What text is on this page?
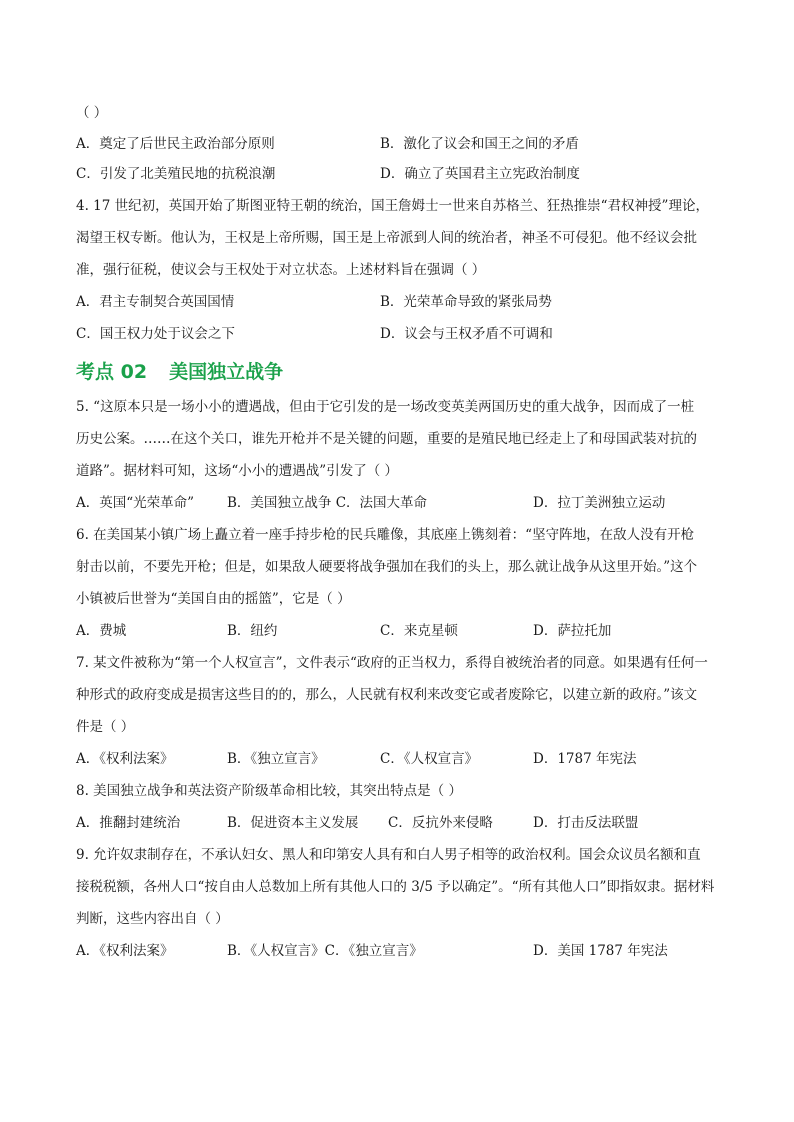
（ ）
A．奠定了后世民主政治部分原则	B．激化了议会和国王之间的矛盾
C．引发了北美殖民地的抗税浪潮	D．确立了英国君主立宪政治制度
4. 17 世纪初，英国开始了斯图亚特王朝的统治，国王詹姆士一世来自苏格兰、狂热推崇“君权神授”理论，
渴望王权专断。他认为，王权是上帝所赐，国王是上帝派到人间的统治者，神圣不可侵犯。他不经议会批
准，强行征税，使议会与王权处于对立状态。上述材料旨在强调（ ）
A．君主专制契合英国国情	B．光荣革命导致的紧张局势
C．国王权力处于议会之下	D．议会与王权矛盾不可调和
考点 02 美国独立战争
5. “这原本只是一场小小的遭遇战，但由于它引发的是一场改变英美两国历史的重大战争，因而成了一桩
历史公案。……在这个关口，谁先开枪并不是关键的问题，重要的是殖民地已经走上了和母国武装对抗的
道路”。据材料可知，这场“小小的遭遇战”引发了（ ）
A．英国“光荣革命” B．美国独立战争 C．法国大革命	D．拉丁美洲独立运动
6. 在美国某小镇广场上矗立着一座手持步枪的民兵雕像，其底座上镌刻着：“坚守阵地，在敌人没有开枪
射击以前，不要先开枪；但是，如果敌人硬要将战争强加在我们的头上，那么就让战争从这里开始。”这个
小镇被后世誉为“美国自由的摇篮”，它是（ ）
A．费城	B．纽约	C．来克星顿	D．萨拉托加
7. 某文件被称为“第一个人权宣言”，文件表示“政府的正当权力，系得自被统治者的同意。如果遇有任何一
种形式的政府变成是损害这些目的的，那么，人民就有权利来改变它或者废除它，以建立新的政府。”该文
件是（ ）
A．《权利法案》	B．《独立宣言》	C．《人权宣言》	D．1787 年宪法
8. 美国独立战争和英法资产阶级革命相比较，其突出特点是（ ）
A．推翻封建统治	B．促进资本主义发展 C．反抗外来侵略	D．打击反法联盟
9. 允许奴隶制存在，不承认妇女、黑人和印第安人具有和白人男子相等的政治权利。国会众议员名额和直
接税税额，各州人口“按自由人总数加上所有其他人口的 3/5 予以确定”。“所有其他人口”即指奴隶。据材料
判断，这些内容出自（ ）
A．《权利法案》	B．《人权宣言》C．《独立宣言》	D．美国 1787 年宪法
